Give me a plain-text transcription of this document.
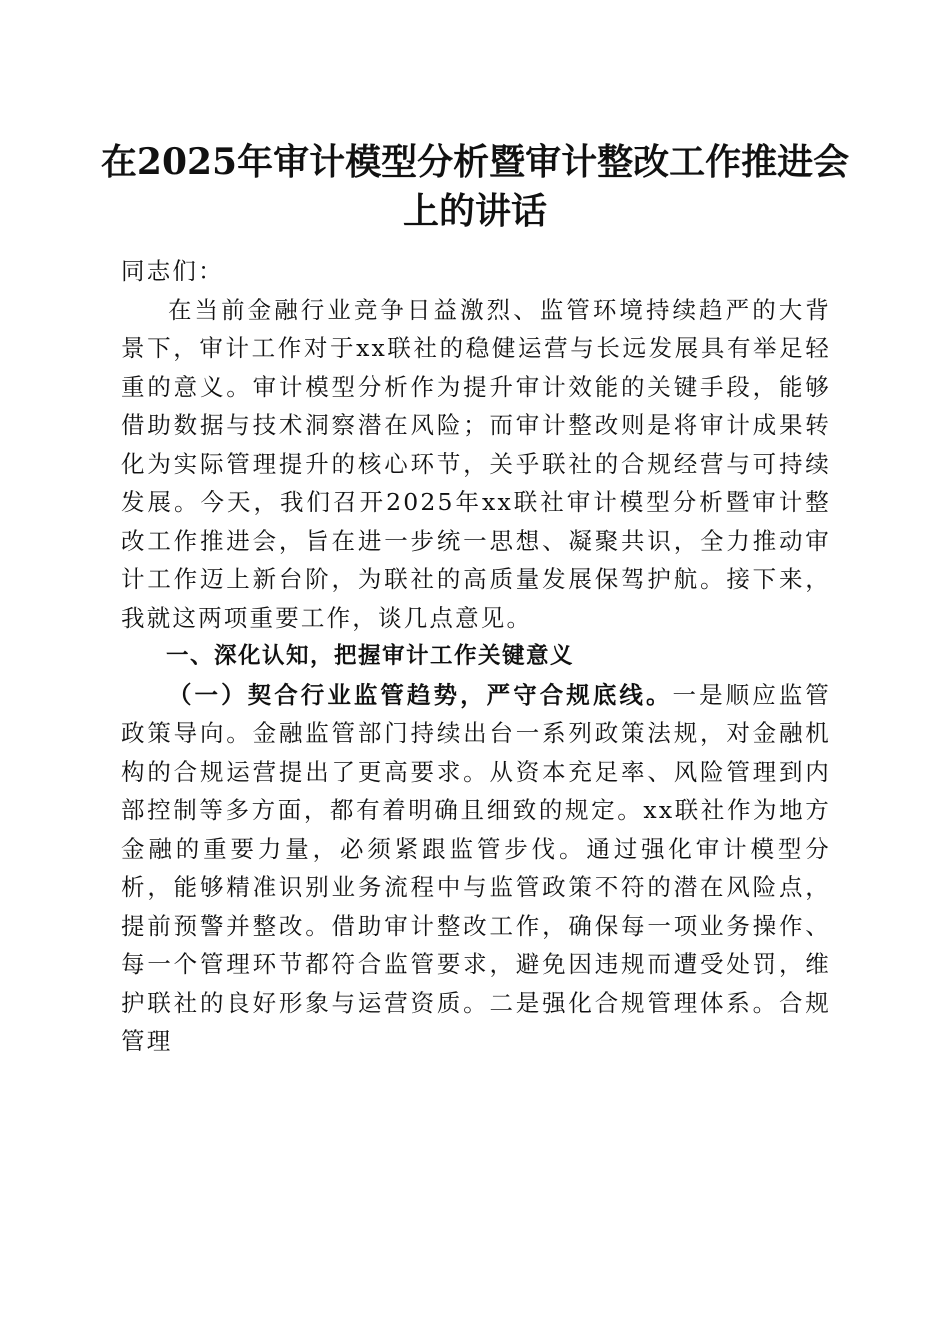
在2025年审计模型分析暨审计整改工作推进会上的讲话

同志们：

在当前金融行业竞争日益激烈、监管环境持续趋严的大背景下，审计工作对于xx联社的稳健运营与长远发展具有举足轻重的意义。审计模型分析作为提升审计效能的关键手段，能够借助数据与技术洞察潜在风险；而审计整改则是将审计成果转化为实际管理提升的核心环节，关乎联社的合规经营与可持续发展。今天，我们召开2025年xx联社审计模型分析暨审计整改工作推进会，旨在进一步统一思想、凝聚共识，全力推动审计工作迈上新台阶，为联社的高质量发展保驾护航。接下来，我就这两项重要工作，谈几点意见。

一、深化认知，把握审计工作关键意义

（一）契合行业监管趋势，严守合规底线。一是顺应监管政策导向。金融监管部门持续出台一系列政策法规，对金融机构的合规运营提出了更高要求。从资本充足率、风险管理到内部控制等多方面，都有着明确且细致的规定。xx联社作为地方金融的重要力量，必须紧跟监管步伐。通过强化审计模型分析，能够精准识别业务流程中与监管政策不符的潜在风险点，提前预警并整改。借助审计整改工作，确保每一项业务操作、每一个管理环节都符合监管要求，避免因违规而遭受处罚，维护联社的良好形象与运营资质。二是强化合规管理体系。合规管理
